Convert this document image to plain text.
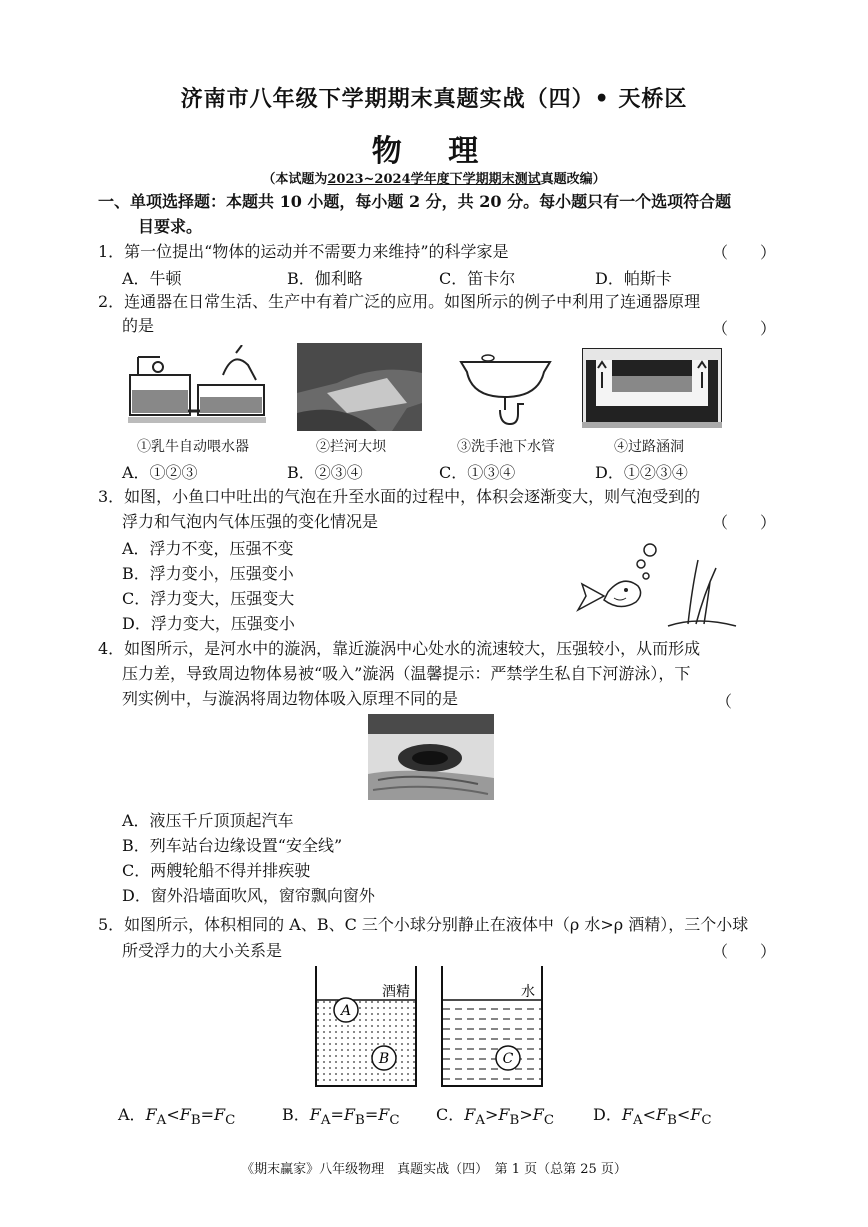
济南市八年级下学期期末真题实战（四）• 天桥区
物 理
（本试题为2023~2024学年度下学期期末测试真题改编）
一、单项选择题：本题共 10 小题，每小题 2 分，共 20 分。每小题只有一个选项符合题
目要求。
1．第一位提出“物体的运动并不需要力来维持”的科学家是	（　　）
A．牛顿	B．伽利略	C．笛卡尔	D．帕斯卡
2．连通器在日常生活、生产中有着广泛的应用。如图所示的例子中利用了连通器原理
的是	（　　）
①乳牛自动喂水器	②拦河大坝	③洗手池下水管	④过路涵洞
A．①②③	B．②③④	C．①③④	D．①②③④
3．如图，小鱼口中吐出的气泡在升至水面的过程中，体积会逐渐变大，则气泡受到的
浮力和气泡内气体压强的变化情况是	（　　）
A．浮力不变，压强不变
B．浮力变小，压强变小
C．浮力变大，压强变大
D．浮力变大，压强变小
4．如图所示，是河水中的漩涡，靠近漩涡中心处水的流速较大，压强较小，从而形成
压力差，导致周边物体易被“吸入”漩涡（温馨提示：严禁学生私自下河游泳），下
列实例中，与漩涡将周边物体吸入原理不同的是	（
A．液压千斤顶顶起汽车
B．列车站台边缘设置“安全线”
C．两艘轮船不得并排疾驶
D．窗外沿墙面吹风，窗帘飘向窗外
5．如图所示，体积相同的 A、B、C 三个小球分别静止在液体中（ρ 水>ρ 酒精），三个小球
所受浮力的大小关系是	（　　）
A
B
酒精
C
水
A．$F_A<F_B=F_C$	B．$F_A=F_B=F_C$ C．$F_A>F_B>F_C$ D．$F_A<F_B<F_C$
《期末赢家》八年级物理　真题实战（四）　第 1 页（总第 25 页）
